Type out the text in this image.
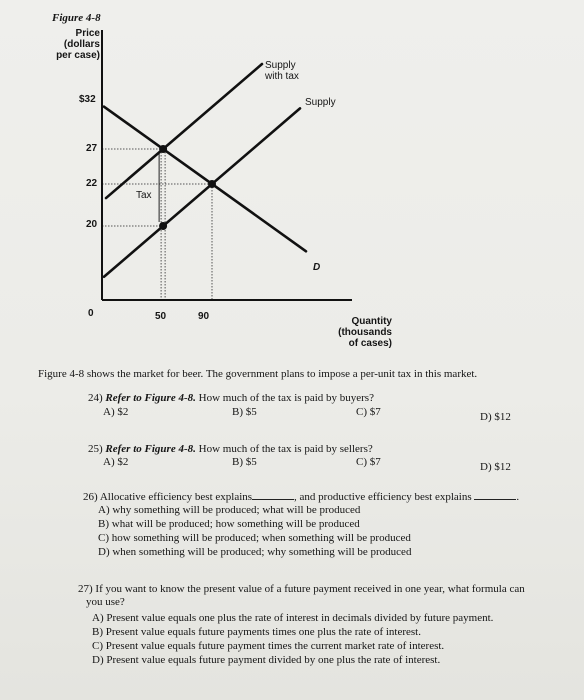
Figure 4-8
Price
(dollars
per case)
$32
27
22
20
0	50	90
Supply
with tax
Supply
D
Tax
Quantity
(thousands
of cases)
Figure 4-8 shows the market for beer. The government plans to impose a per-unit tax in this market.
24) Refer to Figure 4-8. How much of the tax is paid by buyers?
A) $2	B) $5	C) $7	D) $12
25) Refer to Figure 4-8. How much of the tax is paid by sellers?
A) $2	B) $5	C) $7	D) $12
26) Allocative efficiency best explains	, and productive efficiency best explains	.
A) why something will be produced; what will be produced
B) what will be produced; how something will be produced
C) how something will be produced; when something will be produced
D) when something will be produced; why something will be produced
27) If you want to know the present value of a future payment received in one year, what formula can
you use?
A) Present value equals one plus the rate of interest in decimals divided by future payment.
B) Present value equals future payments times one plus the rate of interest.
C) Present value equals future payment times the current market rate of interest.
D) Present value equals future payment divided by one plus the rate of interest.
